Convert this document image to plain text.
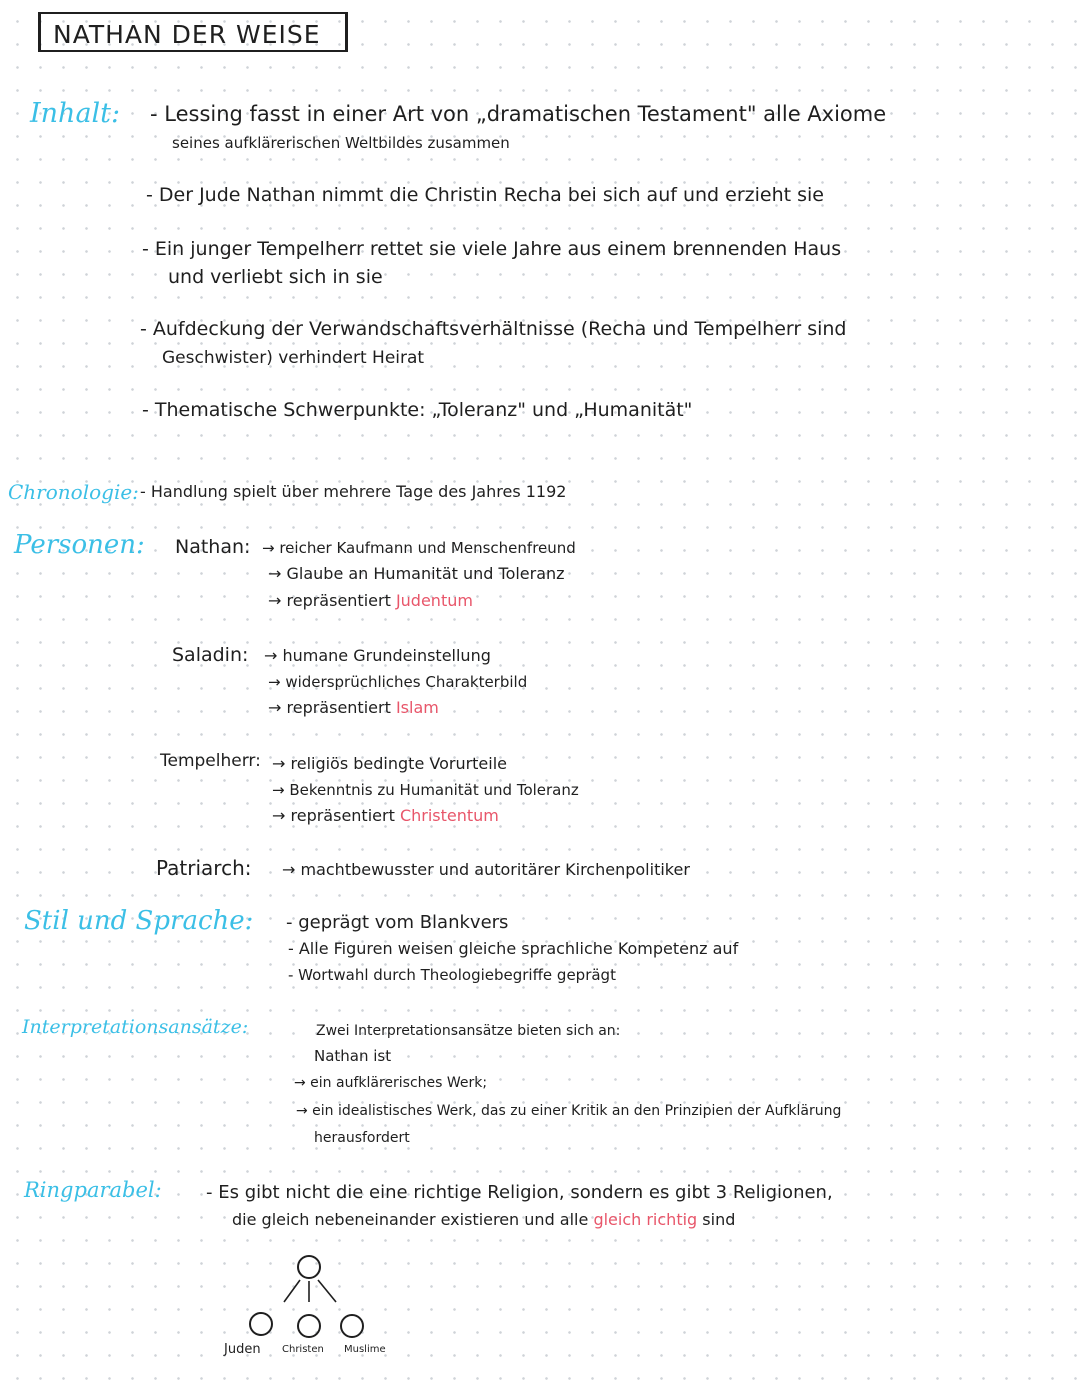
NATHAN DER WEISE
Inhalt: - Lessing fasst in einer Art von „dramatischen Testament" alle Axiome
seines aufklärerischen Weltbildes zusammen
- Der Jude Nathan nimmt die Christin Recha bei sich auf und erzieht sie
- Ein junger Tempelherr rettet sie viele Jahre aus einem brennenden Haus
und verliebt sich in sie
- Aufdeckung der Verwandschaftsverhältnisse (Recha und Tempelherr sind
Geschwister) verhindert Heirat
- Thematische Schwerpunkte: „Toleranz" und „Humanität"
Chronologie: - Handlung spielt über mehrere Tage des Jahres 1192
Personen: Nathan: → reicher Kaufmann und Menschenfreund
→ Glaube an Humanität und Toleranz
→ repräsentiert Judentum
Saladin: → humane Grundeinstellung
→ widersprüchliches Charakterbild
→ repräsentiert Islam
Tempelherr: → religiös bedingte Vorurteile
→ Bekenntnis zu Humanität und Toleranz
→ repräsentiert Christentum
Patriarch: → machtbewusster und autoritärer Kirchenpolitiker
Stil und Sprache: - geprägt vom Blankvers
- Alle Figuren weisen gleiche sprachliche Kompetenz auf
- Wortwahl durch Theologiebegriffe geprägt
Interpretationsansätze:	Zwei Interpretationsansätze bieten sich an:
Nathan ist
→ ein aufklärerisches Werk;
→ ein idealistisches Werk, das zu einer Kritik an den Prinzipien der Aufklärung
herausfordert
Ringparabel: - Es gibt nicht die eine richtige Religion, sondern es gibt 3 Religionen,
die gleich nebeneinander existieren und alle gleich richtig sind
Juden Christen Muslime
